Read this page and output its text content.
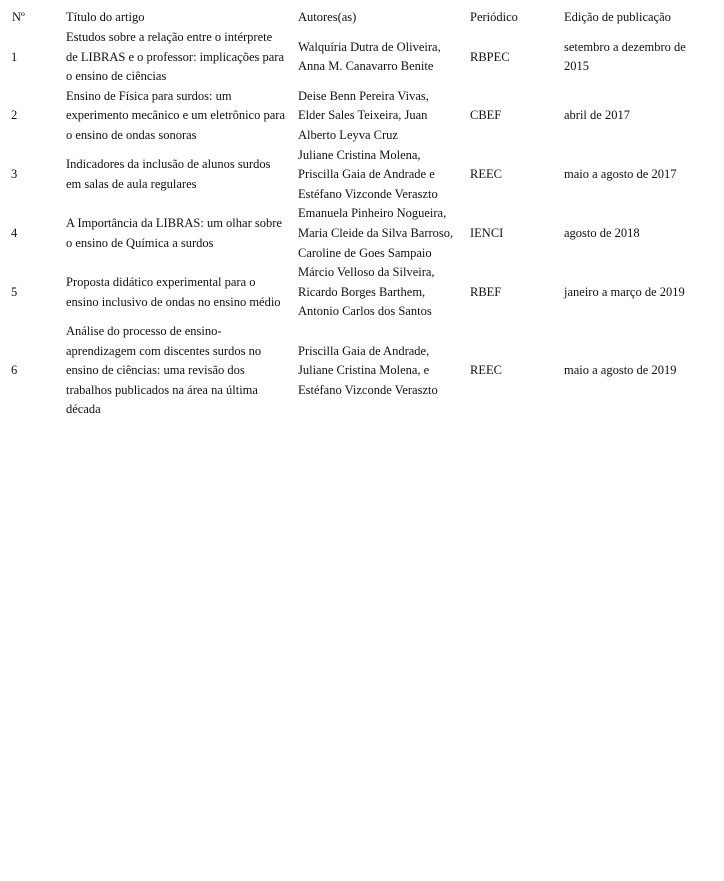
Nº	Título do artigo	Autores(as)	Periódico	Edição de publicação
1	Estudos sobre a relação entre o intérprete de LIBRAS e o professor: implicações para o ensino de ciências	Walquíria Dutra de Oliveira, Anna M. Canavarro Benite	RBPEC	setembro a dezembro de 2015
2	Ensino de Física para surdos: um experimento mecânico e um eletrônico para o ensino de ondas sonoras	Deise Benn Pereira Vivas, Elder Sales Teixeira, Juan Alberto Leyva Cruz	CBEF	abril de 2017
3	Indicadores da inclusão de alunos surdos em salas de aula regulares	Juliane Cristina Molena, Priscilla Gaia de Andrade e Estéfano Vizconde Veraszto	REEC	maio a agosto de 2017
4	A Importância da LIBRAS: um olhar sobre o ensino de Química a surdos	Emanuela Pinheiro Nogueira, Maria Cleide da Silva Barroso, Caroline de Goes Sampaio	IENCI	agosto de 2018
5	Proposta didático experimental para o ensino inclusivo de ondas no ensino médio	Márcio Velloso da Silveira, Ricardo Borges Barthem, Antonio Carlos dos Santos	RBEF	janeiro a março de 2019
6	Análise do processo de ensino-aprendizagem com discentes surdos no ensino de ciências: uma revisão dos trabalhos publicados na área na última década	Priscilla Gaia de Andrade, Juliane Cristina Molena, e Estéfano Vizconde Veraszto	REEC	maio a agosto de 2019
